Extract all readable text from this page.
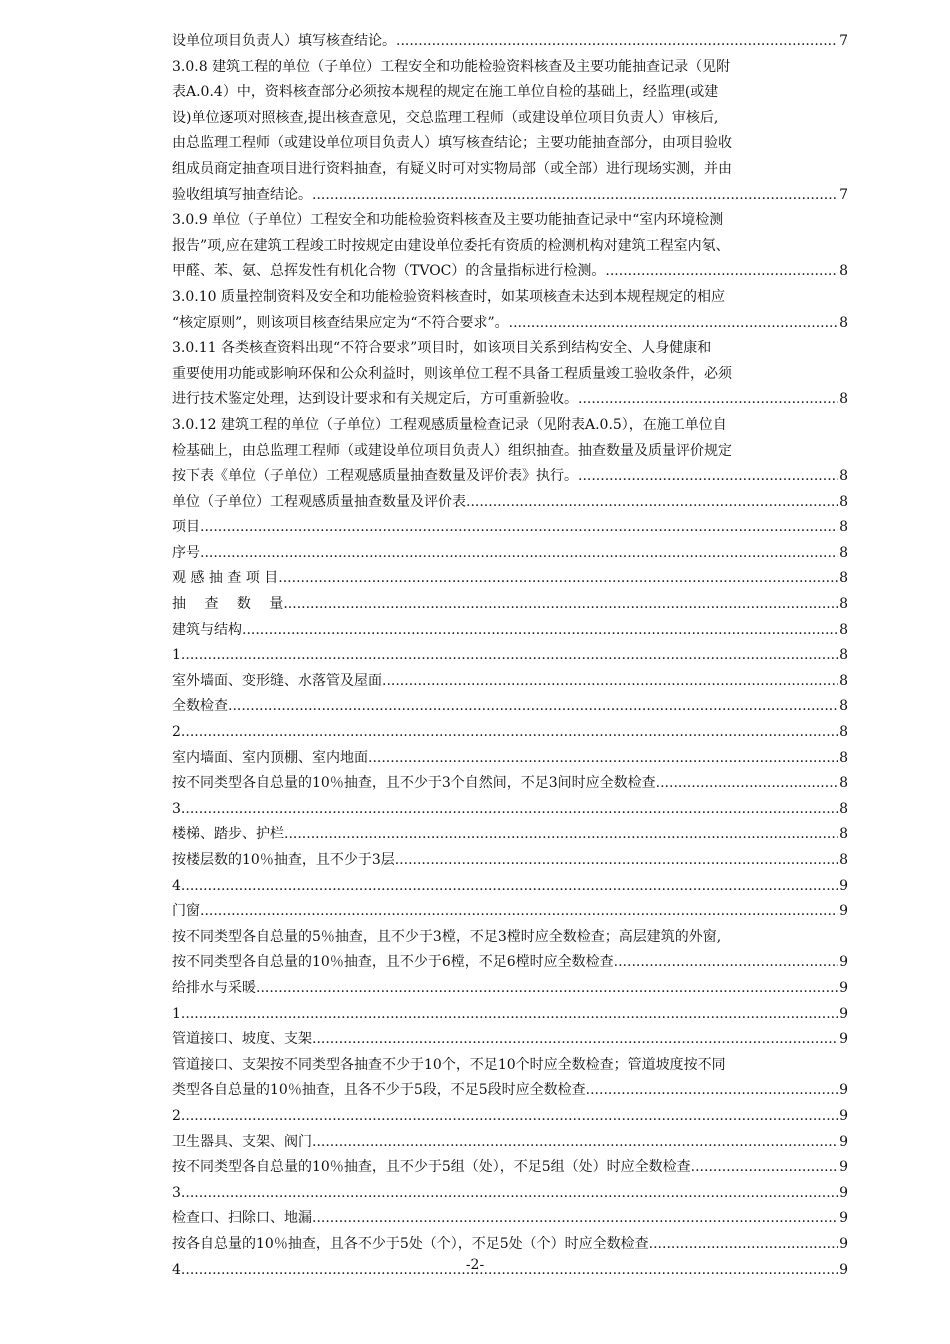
设单位项目负责人）填写核查结论。 .....	7
3.0.8 建筑工程的单位（子单位）工程安全和功能检验资料核查及主要功能抽查记录（见附
表A.0.4）中，资料核查部分必须按本规程的规定在施工单位自检的基础上，经监理(或建
设)单位逐项对照核查,提出核查意见，交总监理工程师（或建设单位项目负责人）审核后,
由总监理工程师（或建设单位项目负责人）填写核查结论；主要功能抽查部分，由项目验收
组成员商定抽查项目进行资料抽查，有疑义时可对实物局部（或全部）进行现场实测，并由
验收组填写抽查结论。 .....	7
3.0.9 单位（子单位）工程安全和功能检验资料核查及主要功能抽查记录中“室内环境检测
报告”项,应在建筑工程竣工时按规定由建设单位委托有资质的检测机构对建筑工程室内氡、
甲醛、苯、氨、总挥发性有机化合物（TVOC）的含量指标进行检测。 .....	8
3.0.10 质量控制资料及安全和功能检验资料核查时，如某项核查未达到本规程规定的相应
“核定原则”，则该项目核查结果应定为“不符合要求”。 .....	8
3.0.11 各类核查资料出现“不符合要求”项目时，如该项目关系到结构安全、人身健康和
重要使用功能或影响环保和公众利益时，则该单位工程不具备工程质量竣工验收条件，必须
进行技术鉴定处理，达到设计要求和有关规定后，方可重新验收。 .....	8
3.0.12 建筑工程的单位（子单位）工程观感质量检查记录（见附表A.0.5），在施工单位自
检基础上，由总监理工程师（或建设单位项目负责人）组织抽查。抽查数量及质量评价规定
按下表《单位（子单位）工程观感质量抽查数量及评价表》执行。 .....	8
单位（子单位）工程观感质量抽查数量及评价表 .....	8
项目 .....	8
序号 .....	8
观 感 抽 查 项 目 .....	8
抽　 查　 数　 量 .....	8
建筑与结构 .....	8
1 .....	8
室外墙面、变形缝、水落管及屋面 .....	8
全数检查 .....	8
2 .....	8
室内墙面、室内顶棚、室内地面 .....	8
按不同类型各自总量的10％抽查，且不少于3个自然间，不足3间时应全数检查 .....	8
3 .....	8
楼梯、踏步、护栏 .....	8
按楼层数的10％抽查，且不少于3层 .....	8
4 .....	9
门窗 .....	9
按不同类型各自总量的5％抽查，且不少于3樘，不足3樘时应全数检查；高层建筑的外窗,
按不同类型各自总量的10％抽查，且不少于6樘，不足6樘时应全数检查 .....	9
给排水与采暖 .....	9
1 .....	9
管道接口、坡度、支架 .....	9
管道接口、支架按不同类型各抽查不少于10个，不足10个时应全数检查；管道坡度按不同
类型各自总量的10％抽查，且各不少于5段，不足5段时应全数检查 .....	9
2 .....	9
卫生器具、支架、阀门 .....	9
按不同类型各自总量的10％抽查，且不少于5组（处），不足5组（处）时应全数检查 .....	9
3 .....	9
检查口、扫除口、地漏 .....	9
按各自总量的10％抽查，且各不少于5处（个），不足5处（个）时应全数检查 .....	9
4 .....	9
-2-
